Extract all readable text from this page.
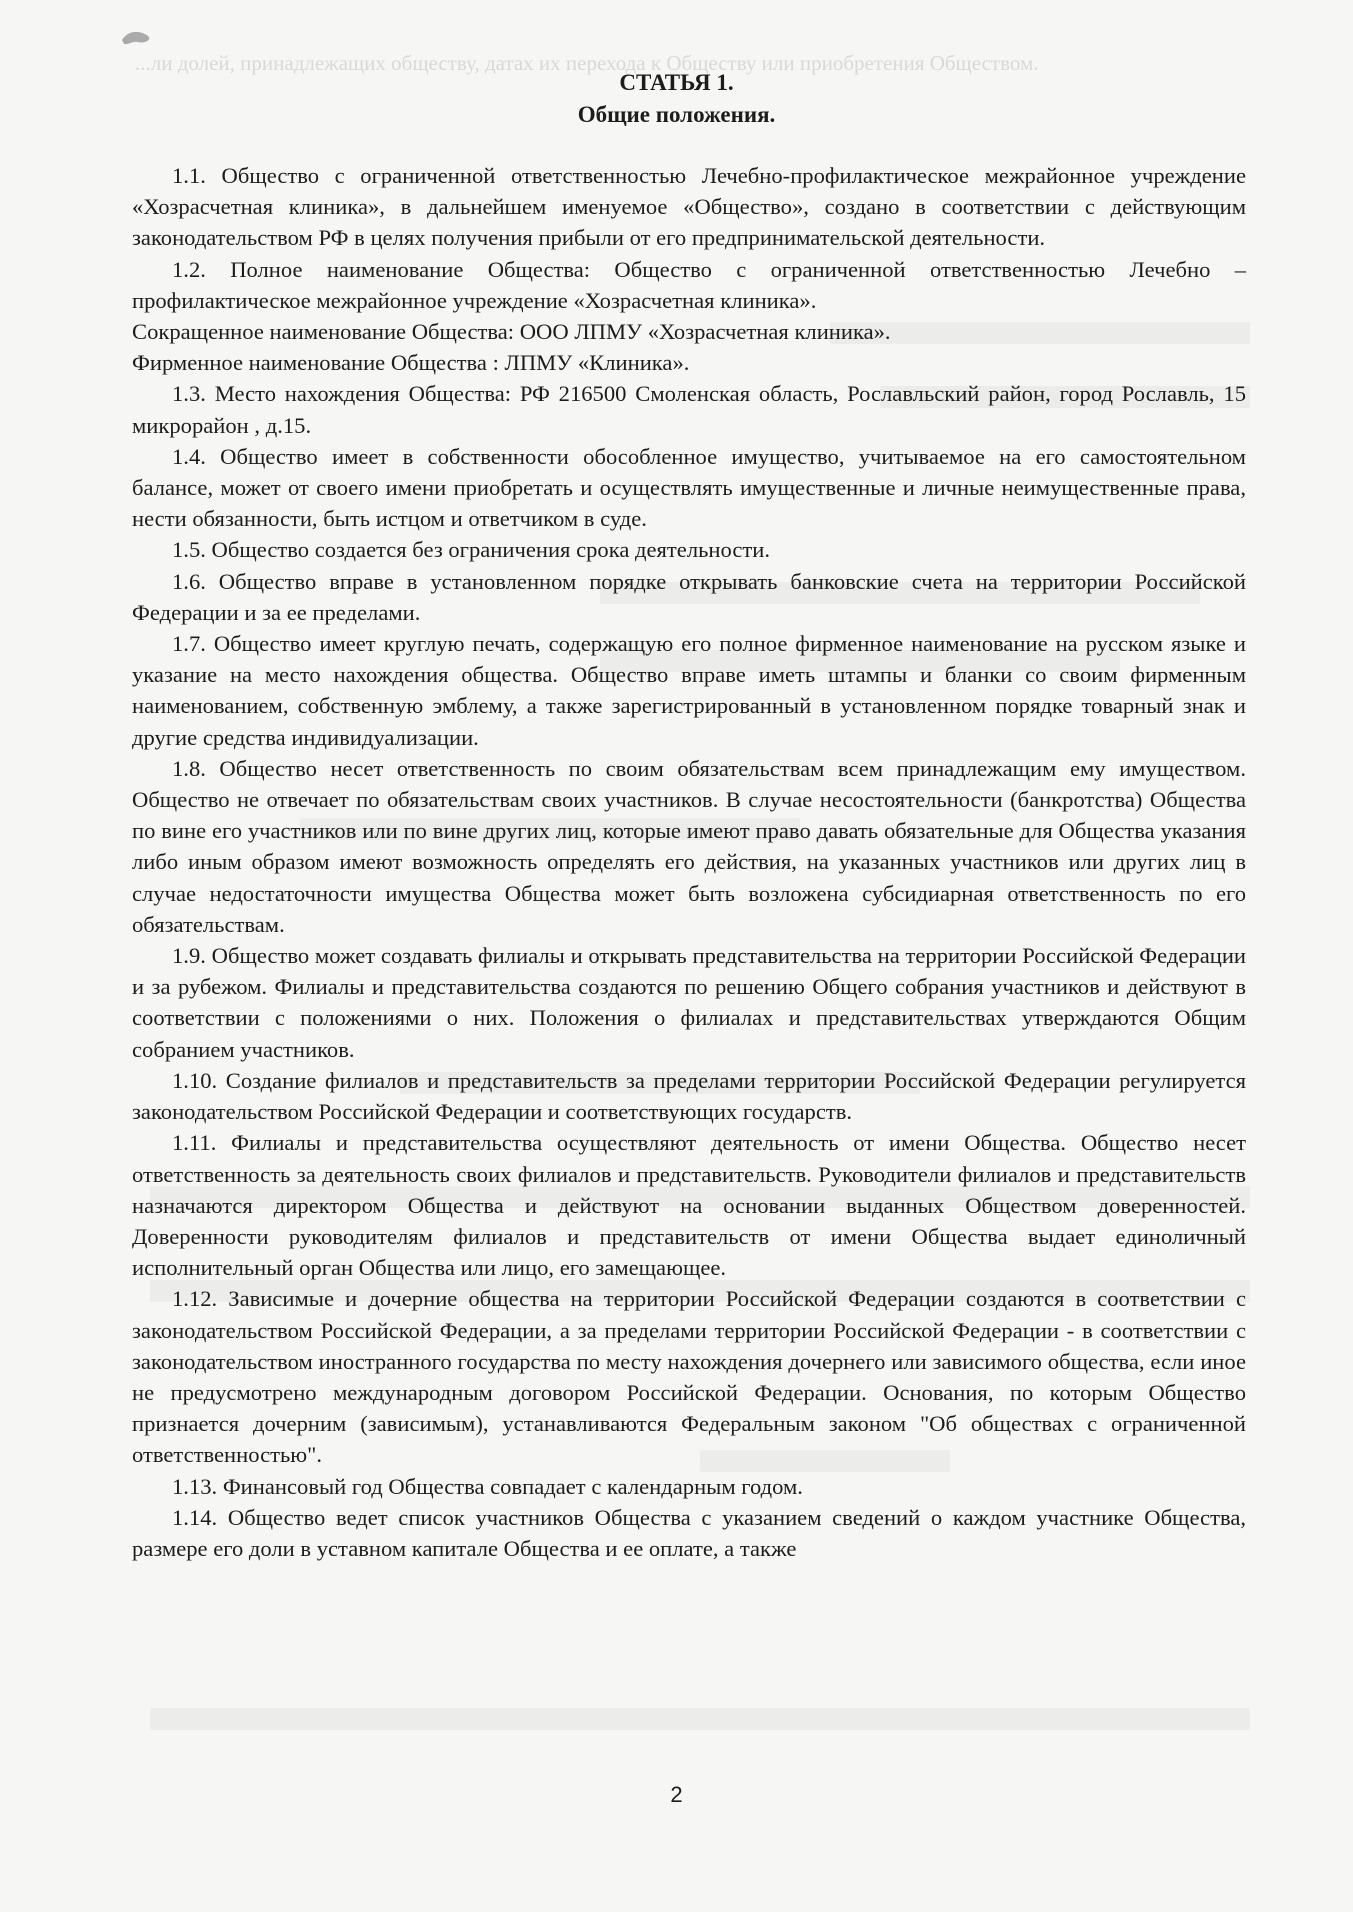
...ли долей, принадлежащих обществу, датах их перехода к Обществу или приобретения Обществом.
СТАТЬЯ 1.
Общие положения.

1.1. Общество с ограниченной ответственностью Лечебно-профилактическое межрайонное учреждение «Хозрасчетная клиника», в дальнейшем именуемое «Общество», создано в соответствии с действующим законодательством РФ в целях получения прибыли от его предпринимательской деятельности.

1.2. Полное наименование Общества: Общество с ограниченной ответственностью Лечебно – профилактическое межрайонное учреждение «Хозрасчетная клиника».

Сокращенное наименование Общества: ООО ЛПМУ «Хозрасчетная клиника».

Фирменное наименование Общества : ЛПМУ «Клиника».

1.3. Место нахождения Общества: РФ 216500 Смоленская область, Рославльский район, город Рославль, 15 микрорайон , д.15.

1.4. Общество имеет в собственности обособленное имущество, учитываемое на его самостоятельном балансе, может от своего имени приобретать и осуществлять имущественные и личные неимущественные права, нести обязанности, быть истцом и ответчиком в суде.

1.5. Общество создается без ограничения срока деятельности.

1.6. Общество вправе в установленном порядке открывать банковские счета на территории Российской Федерации и за ее пределами.

1.7. Общество имеет круглую печать, содержащую его полное фирменное наименование на русском языке и указание на место нахождения общества. Общество вправе иметь штампы и бланки со своим фирменным наименованием, собственную эмблему, а также зарегистрированный в установленном порядке товарный знак и другие средства индивидуализации.

1.8. Общество несет ответственность по своим обязательствам всем принадлежащим ему имуществом. Общество не отвечает по обязательствам своих участников. В случае несостоятельности (банкротства) Общества по вине его участников или по вине других лиц, которые имеют право давать обязательные для Общества указания либо иным образом имеют возможность определять его действия, на указанных участников или других лиц в случае недостаточности имущества Общества может быть возложена субсидиарная ответственность по его обязательствам.

1.9. Общество может создавать филиалы и открывать представительства на территории Российской Федерации и за рубежом. Филиалы и представительства создаются по решению Общего собрания участников и действуют в соответствии с положениями о них. Положения о филиалах и представительствах утверждаются Общим собранием участников.

1.10. Создание филиалов и представительств за пределами территории Российской Федерации регулируется законодательством Российской Федерации и соответствующих государств.

1.11. Филиалы и представительства осуществляют деятельность от имени Общества. Общество несет ответственность за деятельность своих филиалов и представительств. Руководители филиалов и представительств назначаются директором Общества и действуют на основании выданных Обществом доверенностей. Доверенности руководителям филиалов и представительств от имени Общества выдает единоличный исполнительный орган Общества или лицо, его замещающее.

1.12. Зависимые и дочерние общества на территории Российской Федерации создаются в соответствии с законодательством Российской Федерации, а за пределами территории Российской Федерации - в соответствии с законодательством иностранного государства по месту нахождения дочернего или зависимого общества, если иное не предусмотрено международным договором Российской Федерации. Основания, по которым Общество признается дочерним (зависимым), устанавливаются Федеральным законом "Об обществах с ограниченной ответственностью".

1.13. Финансовый год Общества совпадает с календарным годом.

1.14. Общество ведет список участников Общества с указанием сведений о каждом участнике Общества, размере его доли в уставном капитале Общества и ее оплате, а также

2
